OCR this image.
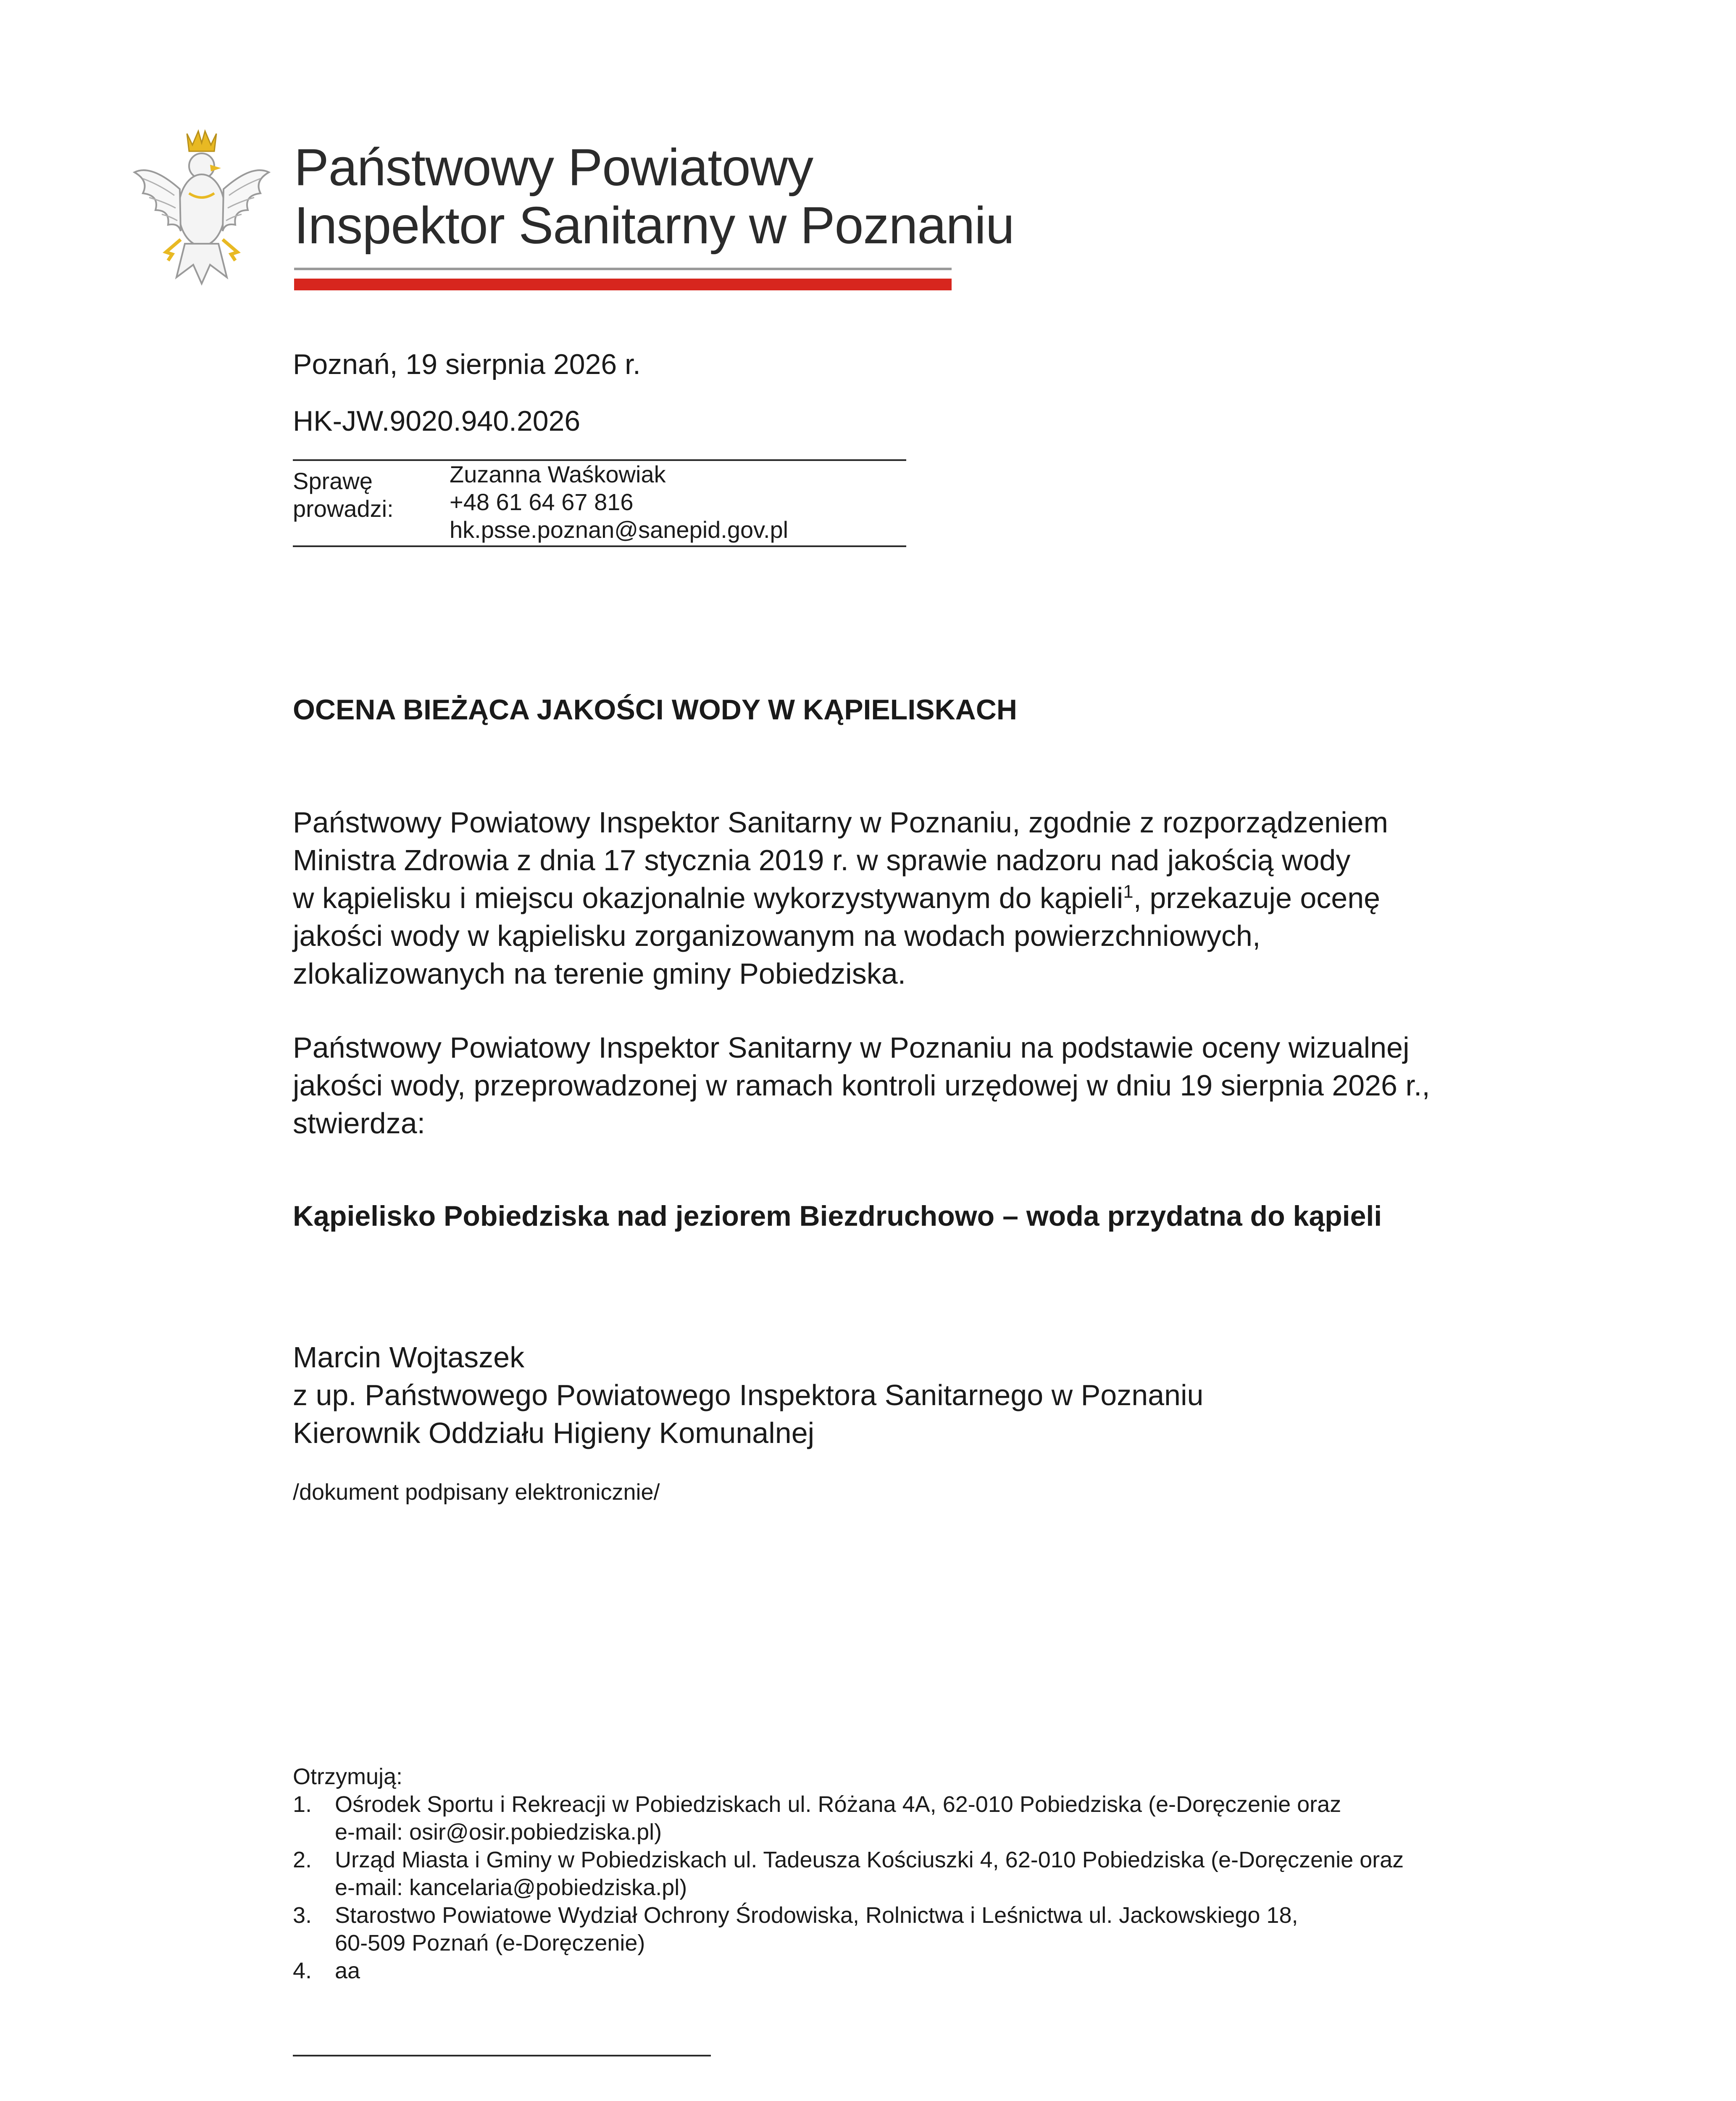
Państwowy Powiatowy
Inspektor Sanitarny w Poznaniu
Poznań, 19 sierpnia 2026 r.
HK-JW.9020.940.2026
Sprawę
prowadzi:
Zuzanna Waśkowiak
+48 61 64 67 816
hk.psse.poznan@sanepid.gov.pl
OCENA BIEŻĄCA JAKOŚCI WODY W KĄPIELISKACH
Państwowy Powiatowy Inspektor Sanitarny w Poznaniu, zgodnie z rozporządzeniem
Ministra Zdrowia z dnia 17 stycznia 2019 r. w sprawie nadzoru nad jakością wody
w kąpielisku i miejscu okazjonalnie wykorzystywanym do kąpieli$^1$, przekazuje ocenę
jakości wody w kąpielisku zorganizowanym na wodach powierzchniowych,
zlokalizowanych na terenie gminy Pobiedziska.
Państwowy Powiatowy Inspektor Sanitarny w Poznaniu na podstawie oceny wizualnej
jakości wody, przeprowadzonej w ramach kontroli urzędowej w dniu 19 sierpnia 2026 r.,
stwierdza:
Kąpielisko Pobiedziska nad jeziorem Biezdruchowo – woda przydatna do kąpieli
Marcin Wojtaszek
z up. Państwowego Powiatowego Inspektora Sanitarnego w Poznaniu
Kierownik Oddziału Higieny Komunalnej
/dokument podpisany elektronicznie/
Otrzymują:
1. Ośrodek Sportu i Rekreacji w Pobiedziskach ul. Różana 4A, 62-010 Pobiedziska (e-Doręczenie oraz
e-mail: osir@osir.pobiedziska.pl)
2. Urząd Miasta i Gminy w Pobiedziskach ul. Tadeusza Kościuszki 4, 62-010 Pobiedziska (e-Doręczenie oraz
e-mail: kancelaria@pobiedziska.pl)
3. Starostwo Powiatowe Wydział Ochrony Środowiska, Rolnictwa i Leśnictwa ul. Jackowskiego 18,
60-509 Poznań (e-Doręczenie)
4. aa
